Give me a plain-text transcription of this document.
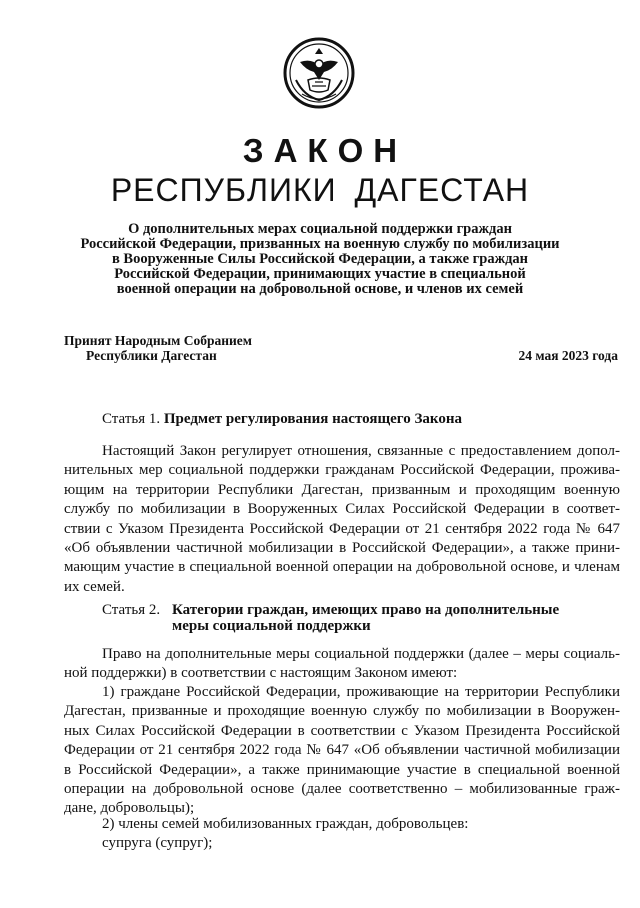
ЗАКОН
РЕСПУБЛИКИ ДАГЕСТАН
О дополнительных мерах социальной поддержки граждан
Российской Федерации, призванных на военную службу по мобилизации
в Вооруженные Силы Российской Федерации, а также граждан
Российской Федерации, принимающих участие в специальной
военной операции на добровольной основе, и членов их семей
Принят Народным Собранием
Республики Дагестан	24 мая 2023 года
Статья 1. Предмет регулирования настоящего Закона
Настоящий Закон регулирует отношения, связанные с предоставлением допол-
нительных мер социальной поддержки гражданам Российской Федерации, прожива-
ющим на территории Республики Дагестан, призванным и проходящим военную
службу по мобилизации в Вооруженных Силах Российской Федерации в соответ-
ствии с Указом Президента Российской Федерации от 21 сентября 2022 года № 647
«Об объявлении частичной мобилизации в Российской Федерации», а также прини-
мающим участие в специальной военной операции на добровольной основе, и членам
их семей.
Статья 2. Категории граждан, имеющих право на дополнительные
меры социальной поддержки
Право на дополнительные меры социальной поддержки (далее – меры социаль-
ной поддержки) в соответствии с настоящим Законом имеют:
1) граждане Российской Федерации, проживающие на территории Республики
Дагестан, призванные и проходящие военную службу по мобилизации в Вооружен-
ных Силах Российской Федерации в соответствии с Указом Президента Российской
Федерации от 21 сентября 2022 года № 647 «Об объявлении частичной мобилизации
в Российской Федерации», а также принимающие участие в специальной военной
операции на добровольной основе (далее соответственно – мобилизованные граж-
дане, добровольцы);
2) члены семей мобилизованных граждан, добровольцев:
супруга (супруг);
